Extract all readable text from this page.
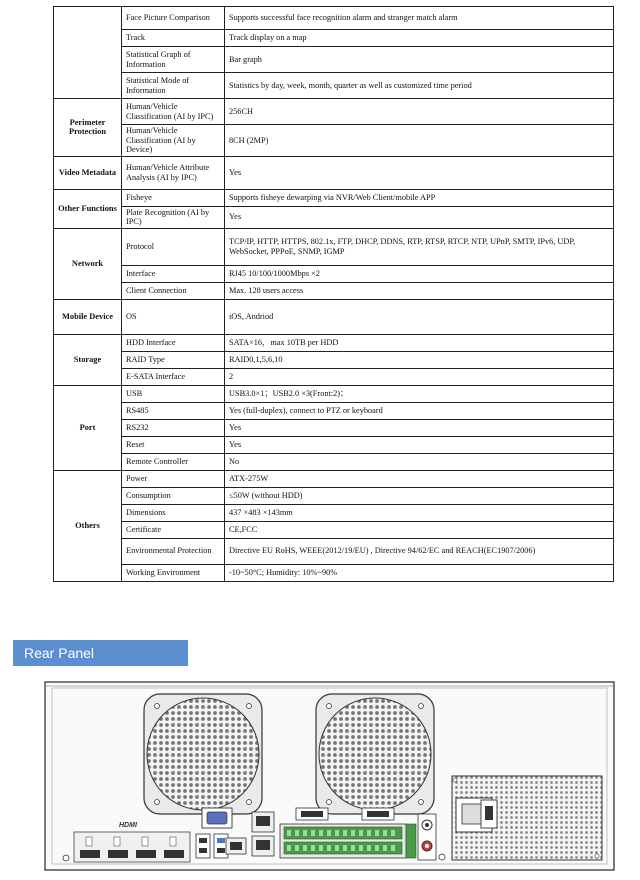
	Face Picture Comparison	Supports successful face recognition alarm and stranger match alarm
	Track	Track display on a map
	Statistical Graph of Information	Bar graph
	Statistical Mode of Information	Statistics by day, week, month, quarter as well as customized time period
Perimeter Protection	Human/Vehicle Classification (AI by IPC)	256CH
	Human/Vehicle Classification (AI by Device)	8CH (2MP)
Video Metadata	Human/Vehicle Attribute Analysis (AI by IPC)	Yes
Other Functions	Fisheye	Supports fisheye dewarping via NVR/Web Client/mobile APP
	Plate Recognition (AI by IPC)	Yes
Network	Protocol	TCP/IP, HTTP, HTTPS, 802.1x, FTP, DHCP, DDNS, RTP, RTSP, RTCP, NTP, UPnP, SMTP, IPv6, UDP, WebSocket, PPPoE, SNMP, IGMP
	Interface	RJ45 10/100/1000Mbps ×2
	Client Connection	Max. 128 users access
Mobile Device	OS	iOS, Andriod
Storage	HDD Interface	SATA×16，max 10TB per HDD
	RAID Type	RAID0,1,5,6,10
	E-SATA Interface	2
Port	USB	USB3.0×1；USB2.0 ×3(Front:2)；
	RS485	Yes (full-duplex), connect to PTZ or keyboard
	RS232	Yes
	Reset	Yes
	Remote Controller	No
Others	Power	ATX-275W
	Consumption	≤50W (without HDD)
	Dimensions	437 ×483 ×143mm
	Certificate	CE,FCC
	Environmental Protection	Directive EU RoHS, WEEE(2012/19/EU) , Directive 94/62/EC and REACH(EC1907/2006)
	Working Environment	-10~50°C; Humidity: 10%~90%
Rear Panel
HDMI
